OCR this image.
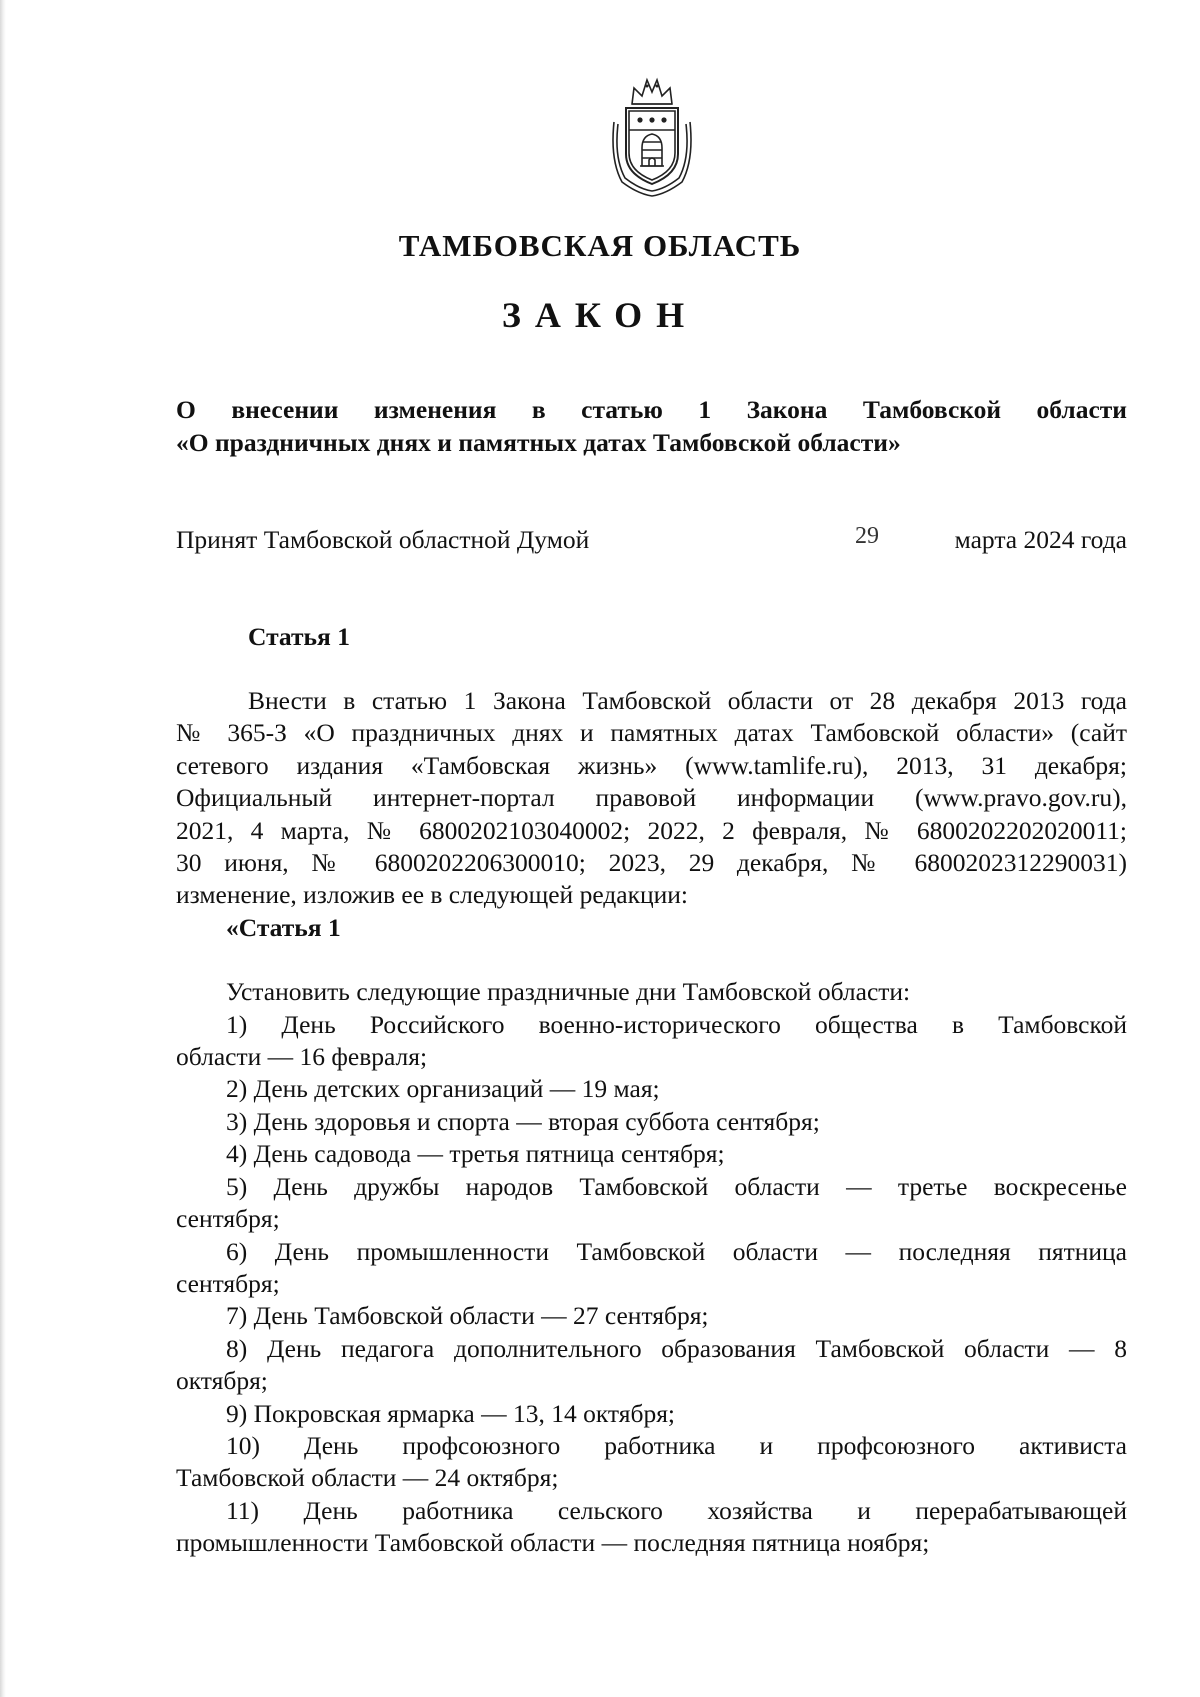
ТАМБОВСКАЯ ОБЛАСТЬ
ЗАКОН
О внесении изменения в статью 1 Закона Тамбовской области
«О праздничных днях и памятных датах Тамбовской области»
Принят Тамбовской областной Думой	29	марта 2024 года
Статья 1
Внести в статью 1 Закона Тамбовской области от 28 декабря 2013 года
№ 365-З «О праздничных днях и памятных датах Тамбовской области» (сайт
сетевого издания «Тамбовская жизнь» (www.tamlife.ru), 2013, 31 декабря;
Официальный интернет-портал правовой информации (www.pravo.gov.ru),
2021, 4 марта, № 6800202103040002; 2022, 2 февраля, № 6800202202020011;
30 июня, № 6800202206300010; 2023, 29 декабря, № 6800202312290031)
изменение, изложив ее в следующей редакции:
«Статья 1
Установить следующие праздничные дни Тамбовской области:
1) День Российского военно-исторического общества в Тамбовской
области — 16 февраля;
2) День детских организаций — 19 мая;
3) День здоровья и спорта — вторая суббота сентября;
4) День садовода — третья пятница сентября;
5) День дружбы народов Тамбовской области — третье воскресенье
сентября;
6) День промышленности Тамбовской области — последняя пятница
сентября;
7) День Тамбовской области — 27 сентября;
8) День педагога дополнительного образования Тамбовской области — 8
октября;
9) Покровская ярмарка — 13, 14 октября;
10) День профсоюзного работника и профсоюзного активиста
Тамбовской области — 24 октября;
11) День работника сельского хозяйства и перерабатывающей
промышленности Тамбовской области — последняя пятница ноября;
